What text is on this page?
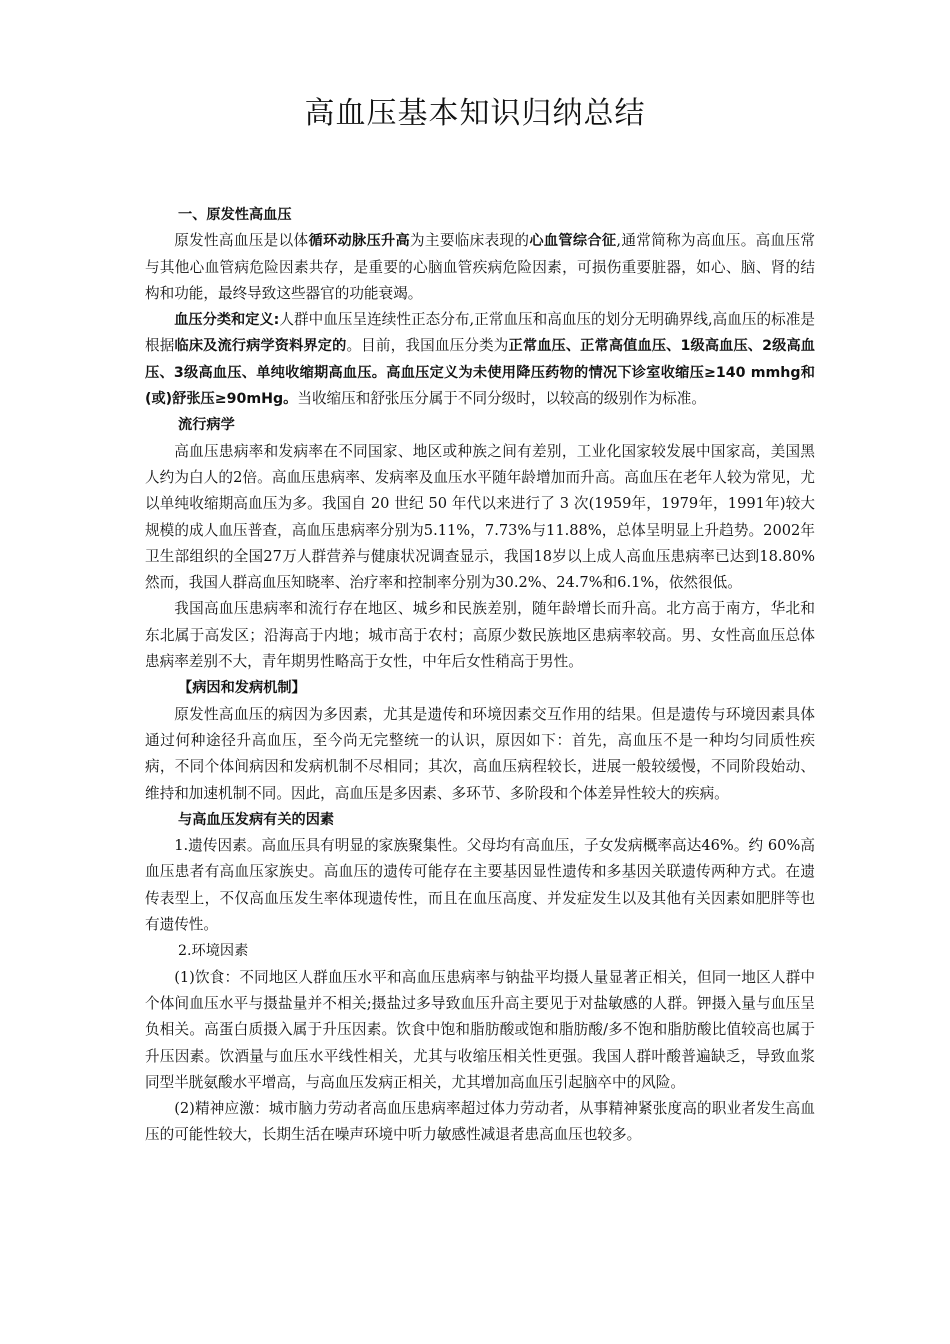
高血压基本知识归纳总结

一、原发性高血压

原发性高血压是以体循环动脉压升高为主要临床表现的心血管综合征,通常简称为高血压。高血压常与其他心血管病危险因素共存，是重要的心脑血管疾病危险因素，可损伤重要脏器，如心、脑、肾的结构和功能，最终导致这些器官的功能衰竭。

血压分类和定义:人群中血压呈连续性正态分布,正常血压和高血压的划分无明确界线,高血压的标准是根据临床及流行病学资料界定的。目前，我国血压分类为正常血压、正常高值血压、1级高血压、2级高血压、3级高血压、单纯收缩期高血压。高血压定义为未使用降压药物的情况下诊室收缩压≥140 mmhg和(或)舒张压≥90mHg。当收缩压和舒张压分属于不同分级时，以较高的级别作为标准。

流行病学

高血压患病率和发病率在不同国家、地区或种族之间有差别，工业化国家较发展中国家高，美国黑人约为白人的2倍。高血压患病率、发病率及血压水平随年龄增加而升高。高血压在老年人较为常见，尤以单纯收缩期高血压为多。我国自 20 世纪 50 年代以来进行了 3 次(1959年，1979年，1991年)较大规模的成人血压普查，高血压患病率分别为5.11%，7.73%与11.88%，总体呈明显上升趋势。2002年卫生部组织的全国27万人群营养与健康状况调查显示，我国18岁以上成人高血压患病率已达到18.80%然而，我国人群高血压知晓率、治疗率和控制率分别为30.2%、24.7%和6.1%，依然很低。

我国高血压患病率和流行存在地区、城乡和民族差别，随年龄增长而升高。北方高于南方，华北和东北属于高发区；沿海高于内地；城市高于农村；高原少数民族地区患病率较高。男、女性高血压总体患病率差别不大，青年期男性略高于女性，中年后女性稍高于男性。

【病因和发病机制】

原发性高血压的病因为多因素，尤其是遗传和环境因素交互作用的结果。但是遗传与环境因素具体通过何种途径升高血压，至今尚无完整统一的认识，原因如下：首先，高血压不是一种均匀同质性疾病，不同个体间病因和发病机制不尽相同；其次，高血压病程较长，进展一般较缓慢，不同阶段始动、维持和加速机制不同。因此，高血压是多因素、多环节、多阶段和个体差异性较大的疾病。

与高血压发病有关的因素

1.遗传因素。高血压具有明显的家族聚集性。父母均有高血压，子女发病概率高达46%。约 60%高血压患者有高血压家族史。高血压的遗传可能存在主要基因显性遗传和多基因关联遗传两种方式。在遗传表型上，不仅高血压发生率体现遗传性，而且在血压高度、并发症发生以及其他有关因素如肥胖等也有遗传性。

2.环境因素

(1)饮食：不同地区人群血压水平和高血压患病率与钠盐平均摄人量显著正相关，但同一地区人群中个体间血压水平与摄盐量并不相关;摄盐过多导致血压升高主要见于对盐敏感的人群。钾摄入量与血压呈负相关。高蛋白质摄入属于升压因素。饮食中饱和脂肪酸或饱和脂肪酸/多不饱和脂肪酸比值较高也属于升压因素。饮酒量与血压水平线性相关，尤其与收缩压相关性更强。我国人群叶酸普遍缺乏，导致血浆同型半胱氨酸水平增高，与高血压发病正相关，尤其增加高血压引起脑卒中的风险。

(2)精神应激：城市脑力劳动者高血压患病率超过体力劳动者，从事精神紧张度高的职业者发生高血压的可能性较大，长期生活在噪声环境中听力敏感性减退者患高血压也较多。
